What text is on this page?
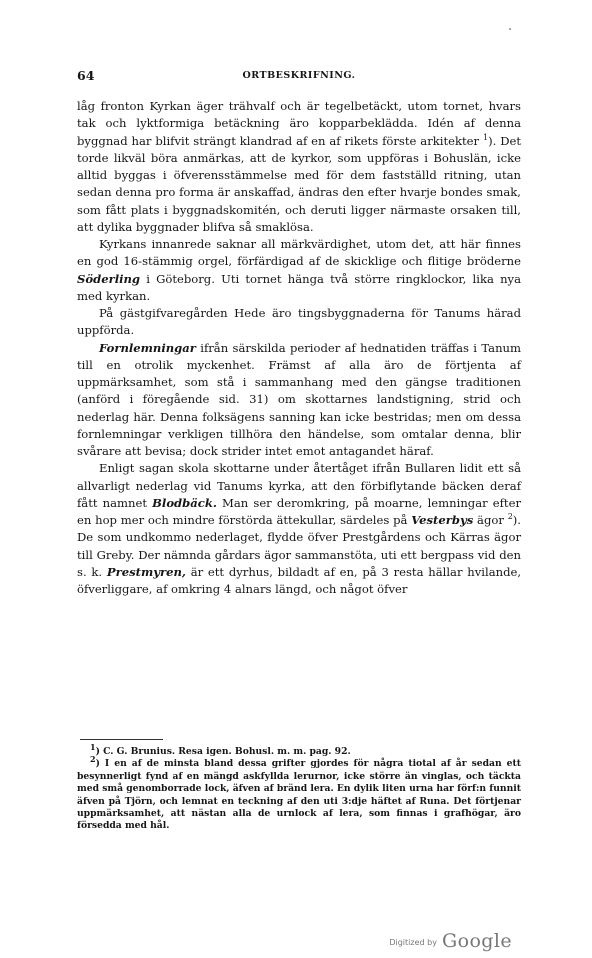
64	ORTBESKRIFNING.

låg fronton Kyrkan äger trähvalf och är tegelbetäckt, utom tornet, hvars tak och lyktformiga betäckning äro kopparbeklädda. Idén af denna byggnad har blifvit strängt klandrad af en af rikets förste arkitekter $^1$). Det torde likväl böra anmärkas, att de kyrkor, som uppföras i Bohuslän, icke alltid byggas i öfverensstämmelse med för dem fastställd ritning, utan sedan denna pro forma är anskaffad, ändras den efter hvarje bondes smak, som fått plats i byggnadskomitén, och deruti ligger närmaste orsaken till, att dylika byggnader blifva så smaklösa.

Kyrkans innanrede saknar all märkvärdighet, utom det, att här finnes en god 16-stämmig orgel, förfärdigad af de skicklige och flitige bröderne Söderling i Göteborg. Uti tornet hänga två större ringklockor, lika nya med kyrkan.

På gästgifvaregården Hede äro tingsbyggnaderna för Tanums härad uppförda.

Fornlemningar ifrån särskilda perioder af hednatiden träffas i Tanum till en otrolik myckenhet. Främst af alla äro de förtjenta af uppmärksamhet, som stå i sammanhang med den gängse traditionen (anförd i föregående sid. 31) om skottarnes landstigning, strid och nederlag här. Denna folksägens sanning kan icke bestridas; men om dessa fornlemningar verkligen tillhöra den händelse, som omtalar denna, blir svårare att bevisa; dock strider intet emot antagandet häraf.

Enligt sagan skola skottarne under återtåget ifrån Bullaren lidit ett så allvarligt nederlag vid Tanums kyrka, att den förbiflytande bäcken deraf fått namnet Blodbäck. Man ser deromkring, på moarne, lemningar efter en hop mer och mindre förstörda ättekullar, särdeles på Vesterbys ägor $^2$). De som undkommo nederlaget, flydde öfver Prestgårdens och Kärras ägor till Greby. Der nämnda gårdars ägor sammanstöta, uti ett bergpass vid den s. k. Prestmyren, är ett dyrhus, bildadt af en, på 3 resta hällar hvilande, öfverliggare, af omkring 4 alnars längd, och något öfver

1) C. G. Brunius. Resa igen. Bohusl. m. m. pag. 92.

2) I en af de minsta bland dessa grifter gjordes för några tiotal af år sedan ett besynnerligt fynd af en mängd askfyllda lerurnor, icke större än vinglas, och täckta med små genomborrade lock, äfven af bränd lera. En dylik liten urna har förf:n funnit äfven på Tjörn, och lemnat en teckning af den uti 3:dje häftet af Runa. Det förtjenar uppmärksamhet, att nästan alla de urnlock af lera, som finnas i grafhögar, äro försedda med hål.

Digitized by Google
